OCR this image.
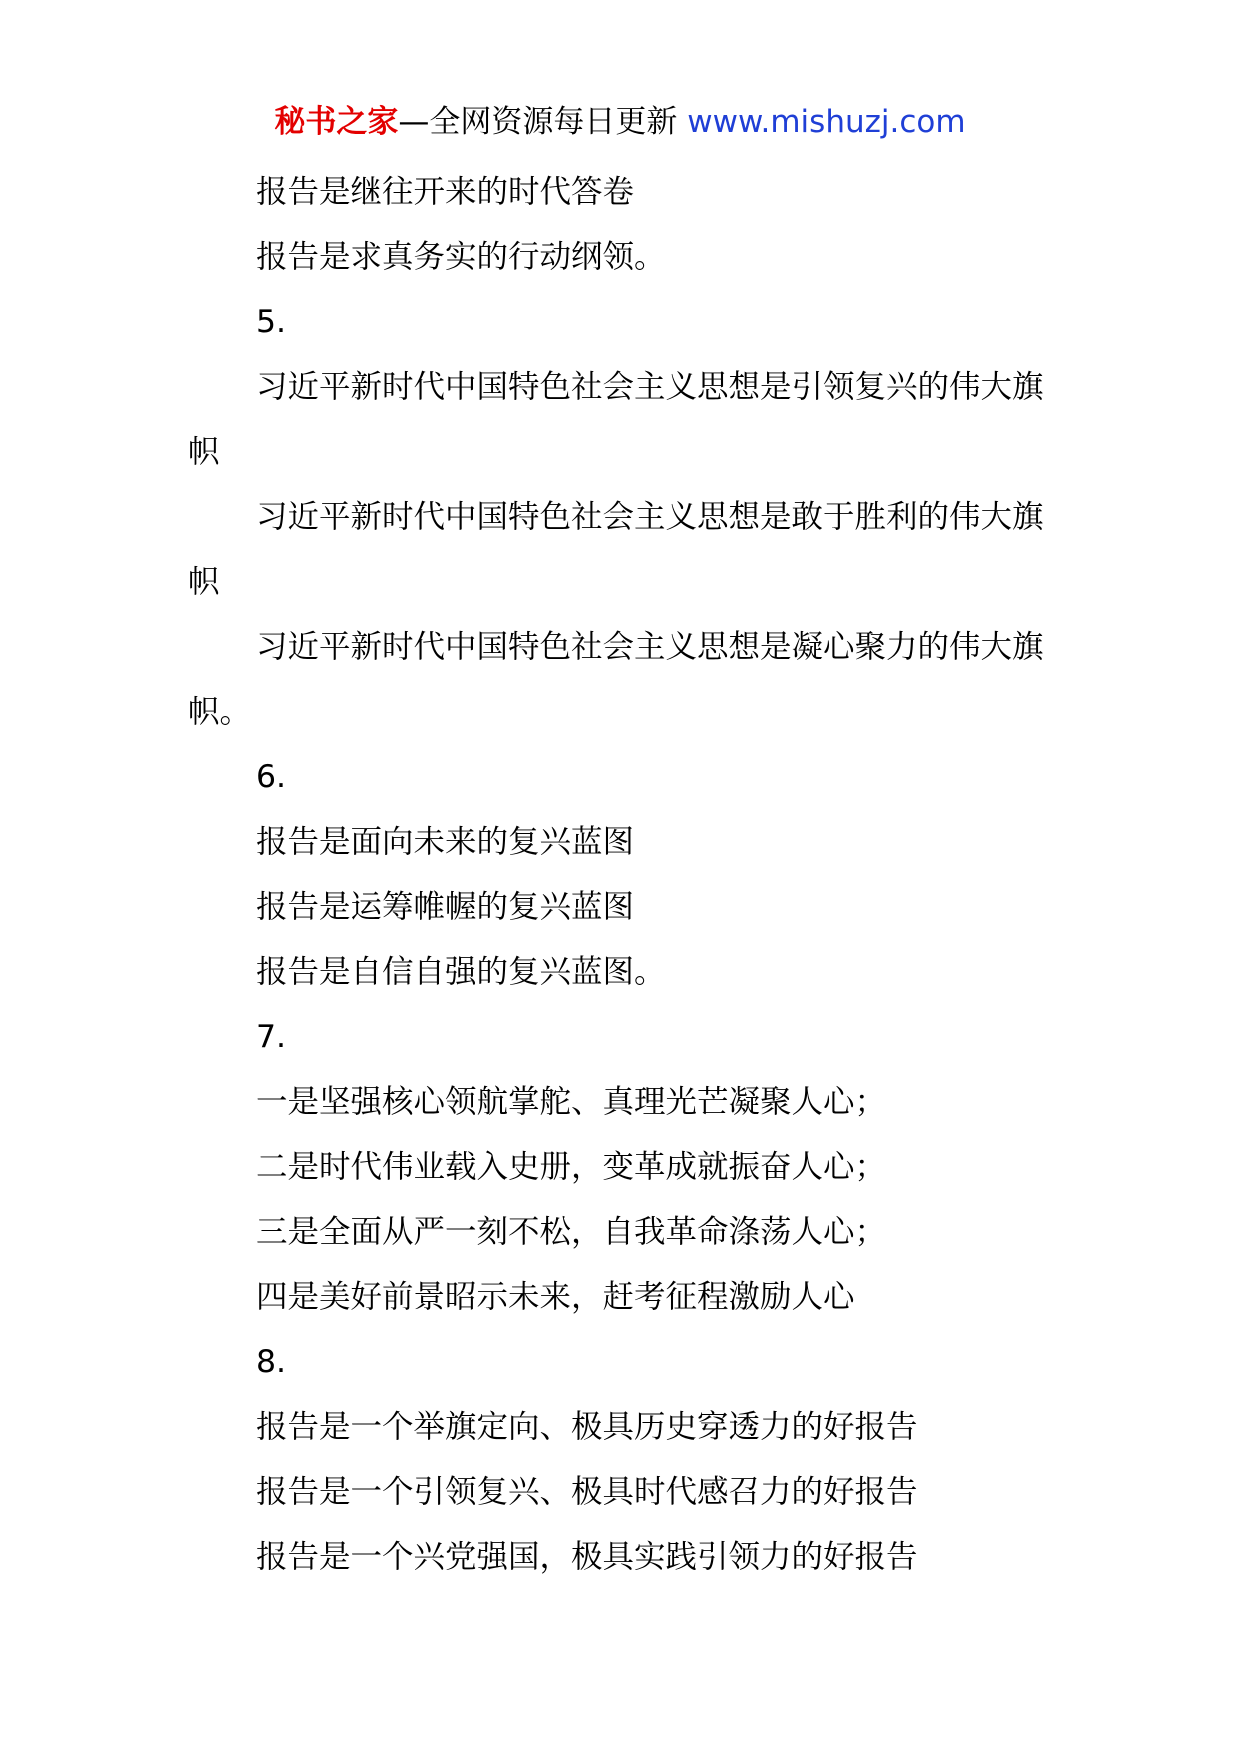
秘书之家—全网资源每日更新 www.mishuzj.com

报告是继往开来的时代答卷

报告是求真务实的行动纲领。

5.

习近平新时代中国特色社会主义思想是引领复兴的伟大旗帜

习近平新时代中国特色社会主义思想是敢于胜利的伟大旗帜

习近平新时代中国特色社会主义思想是凝心聚力的伟大旗帜。

6.

报告是面向未来的复兴蓝图

报告是运筹帷幄的复兴蓝图

报告是自信自强的复兴蓝图。

7.

一是坚强核心领航掌舵、真理光芒凝聚人心；

二是时代伟业载入史册，变革成就振奋人心；

三是全面从严一刻不松，自我革命涤荡人心；

四是美好前景昭示未来，赶考征程激励人心

8.

报告是一个举旗定向、极具历史穿透力的好报告

报告是一个引领复兴、极具时代感召力的好报告

报告是一个兴党强国，极具实践引领力的好报告
